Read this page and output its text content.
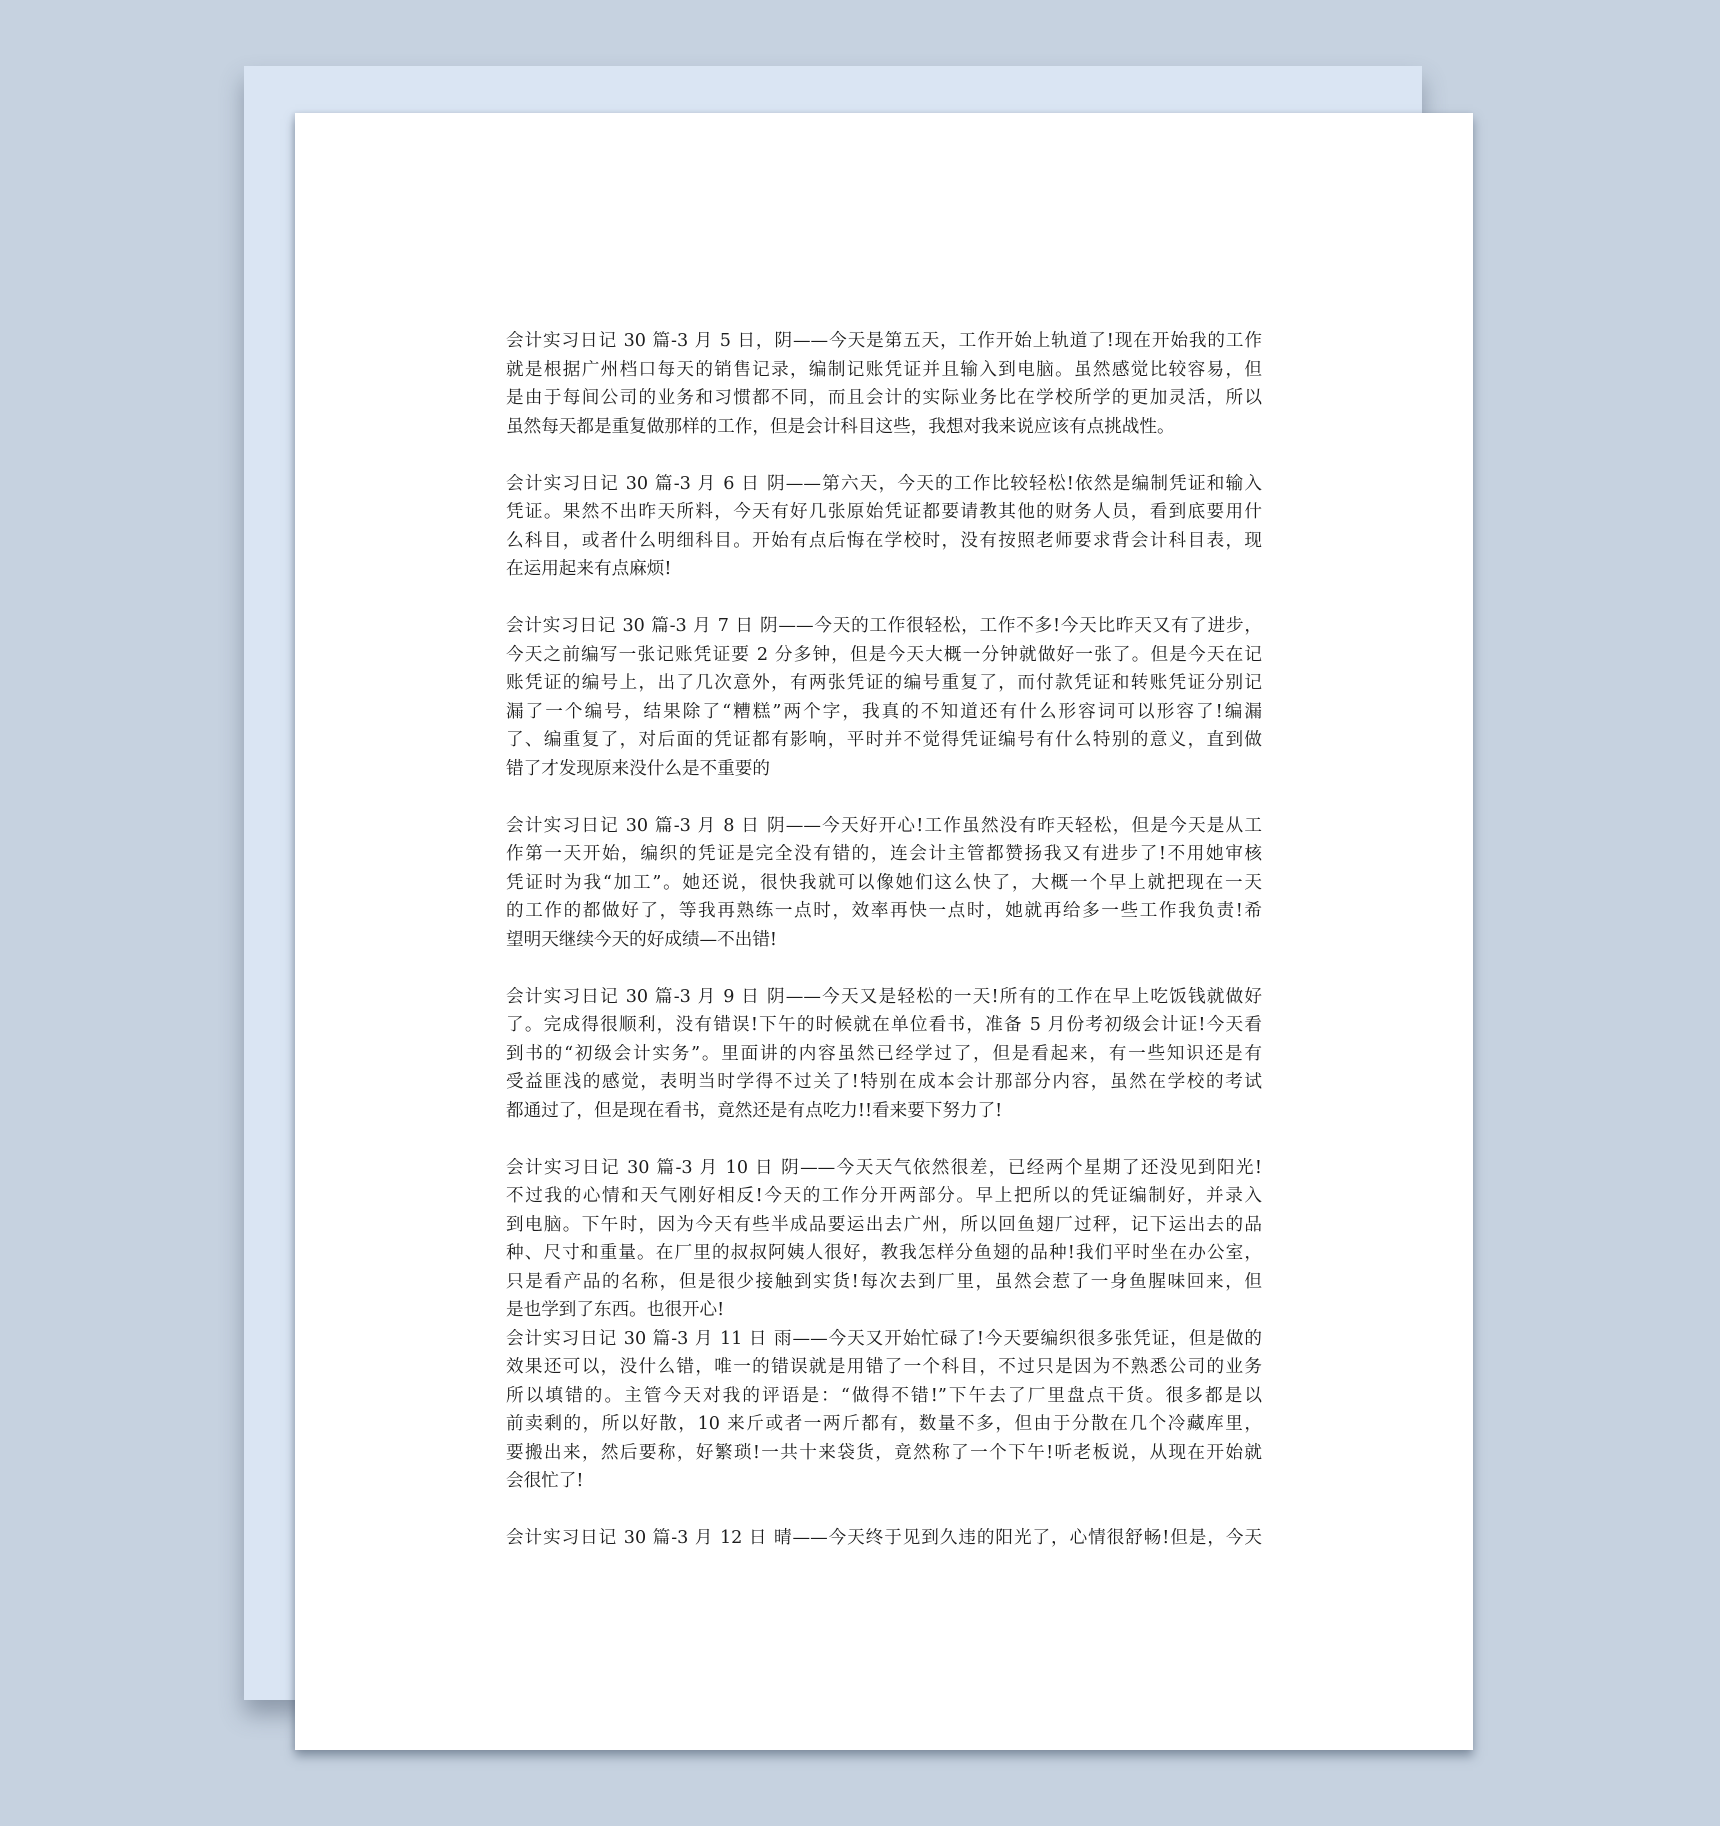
会计实习日记 30 篇-3 月 5 日，阴——今天是第五天，工作开始上轨道了!现在开始我的工作
就是根据广州档口每天的销售记录，编制记账凭证并且输入到电脑。虽然感觉比较容易，但
是由于每间公司的业务和习惯都不同，而且会计的实际业务比在学校所学的更加灵活，所以
虽然每天都是重复做那样的工作，但是会计科目这些，我想对我来说应该有点挑战性。
会计实习日记 30 篇-3 月 6 日 阴——第六天，今天的工作比较轻松!依然是编制凭证和输入
凭证。果然不出昨天所料，今天有好几张原始凭证都要请教其他的财务人员，看到底要用什
么科目，或者什么明细科目。开始有点后悔在学校时，没有按照老师要求背会计科目表，现
在运用起来有点麻烦!
会计实习日记 30 篇-3 月 7 日 阴——今天的工作很轻松，工作不多!今天比昨天又有了进步，
今天之前编写一张记账凭证要 2 分多钟，但是今天大概一分钟就做好一张了。但是今天在记
账凭证的编号上，出了几次意外，有两张凭证的编号重复了，而付款凭证和转账凭证分别记
漏了一个编号，结果除了“糟糕”两个字，我真的不知道还有什么形容词可以形容了!编漏
了、编重复了，对后面的凭证都有影响，平时并不觉得凭证编号有什么特别的意义，直到做
错了才发现原来没什么是不重要的
会计实习日记 30 篇-3 月 8 日 阴——今天好开心!工作虽然没有昨天轻松，但是今天是从工
作第一天开始，编织的凭证是完全没有错的，连会计主管都赞扬我又有进步了!不用她审核
凭证时为我“加工”。她还说，很快我就可以像她们这么快了，大概一个早上就把现在一天
的工作的都做好了，等我再熟练一点时，效率再快一点时，她就再给多一些工作我负责!希
望明天继续今天的好成绩—不出错!
会计实习日记 30 篇-3 月 9 日 阴——今天又是轻松的一天!所有的工作在早上吃饭钱就做好
了。完成得很顺利，没有错误!下午的时候就在单位看书，准备 5 月份考初级会计证!今天看
到书的“初级会计实务”。里面讲的内容虽然已经学过了，但是看起来，有一些知识还是有
受益匪浅的感觉，表明当时学得不过关了!特别在成本会计那部分内容，虽然在学校的考试
都通过了，但是现在看书，竟然还是有点吃力!!看来要下努力了!
会计实习日记 30 篇-3 月 10 日 阴——今天天气依然很差，已经两个星期了还没见到阳光!
不过我的心情和天气刚好相反!今天的工作分开两部分。早上把所以的凭证编制好，并录入
到电脑。下午时，因为今天有些半成品要运出去广州，所以回鱼翅厂过秤，记下运出去的品
种、尺寸和重量。在厂里的叔叔阿姨人很好，教我怎样分鱼翅的品种!我们平时坐在办公室，
只是看产品的名称，但是很少接触到实货!每次去到厂里，虽然会惹了一身鱼腥味回来，但
是也学到了东西。也很开心!
会计实习日记 30 篇-3 月 11 日 雨——今天又开始忙碌了!今天要编织很多张凭证，但是做的
效果还可以，没什么错，唯一的错误就是用错了一个科目，不过只是因为不熟悉公司的业务
所以填错的。主管今天对我的评语是：“做得不错!”下午去了厂里盘点干货。很多都是以
前卖剩的，所以好散，10 来斤或者一两斤都有，数量不多，但由于分散在几个冷藏库里，
要搬出来，然后要称，好繁琐!一共十来袋货，竟然称了一个下午!听老板说，从现在开始就
会很忙了!
会计实习日记 30 篇-3 月 12 日 晴——今天终于见到久违的阳光了，心情很舒畅!但是，今天
